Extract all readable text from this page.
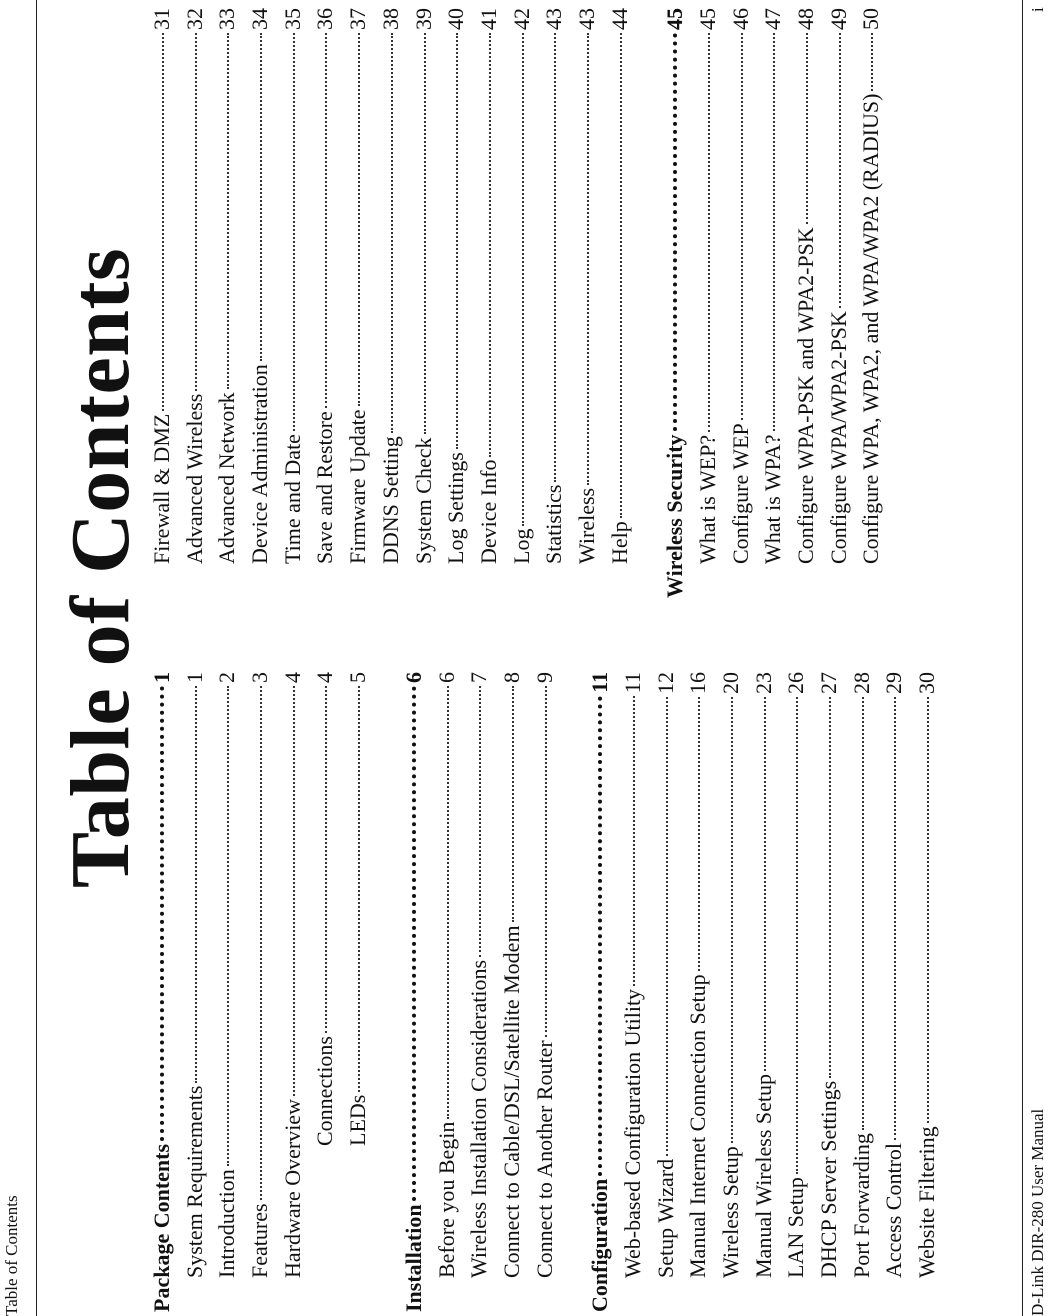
Table of Contents
Table of Contents
Package Contents
1
System Requirements
1
Introduction
2
Features
3
Hardware Overview
4
Connections
4
LEDs
5
Installation
6
Before you Begin
6
Wireless Installation Considerations
7
Connect to Cable/DSL/Satellite Modem
8
Connect to Another Router
9
Configuration
11
Web-based Configuration Utility
11
Setup Wizard
12
Manual Internet Connection Setup
16
Wireless Setup
20
Manual Wireless Setup
23
LAN Setup
26
DHCP Server Settings
27
Port Forwarding
28
Access Control
29
Website Filtering
30
Firewall & DMZ
31
Advanced Wireless
32
Advanced Network
33
Device Administration
34
Time and Date
35
Save and Restore
36
Firmware Update
37
DDNS Setting
38
System Check
39
Log Settings
40
Device Info
41
Log
42
Statistics
43
Wireless
43
Help
44
Wireless Security
45
What is WEP?
45
Configure WEP
46
What is WPA?
47
Configure WPA-PSK and WPA2-PSK
48
Configure WPA/WPA2-PSK
49
Configure WPA, WPA2, and WPA/WPA2 (RADIUS)
50
D-Link DIR-280 User Manual
i
